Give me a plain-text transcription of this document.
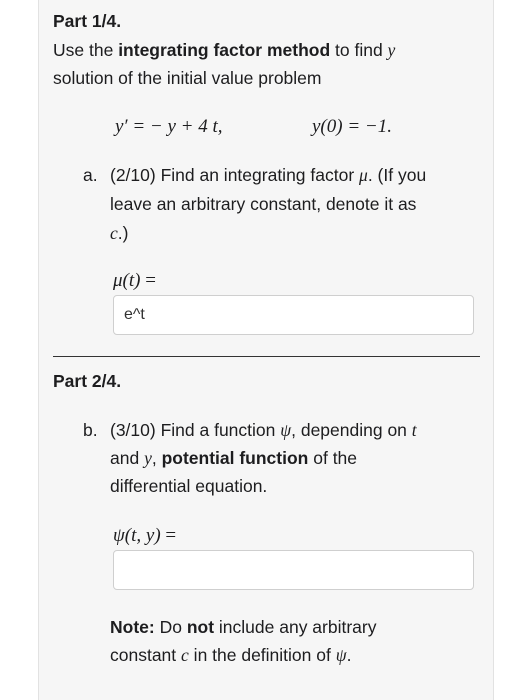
Part 1/4.
Use the integrating factor method to find y
solution of the initial value problem
y′ = − y + 4 t,	y(0) = −1.
a. (2/10) Find an integrating factor μ. (If you
leave an arbitrary constant, denote it as
c.)
μ(t) =
e^t
Part 2/4.
b. (3/10) Find a function ψ, depending on t
and y, potential function of the
differential equation.
ψ(t, y) =
Note: Do not include any arbitrary
constant c in the definition of ψ.
